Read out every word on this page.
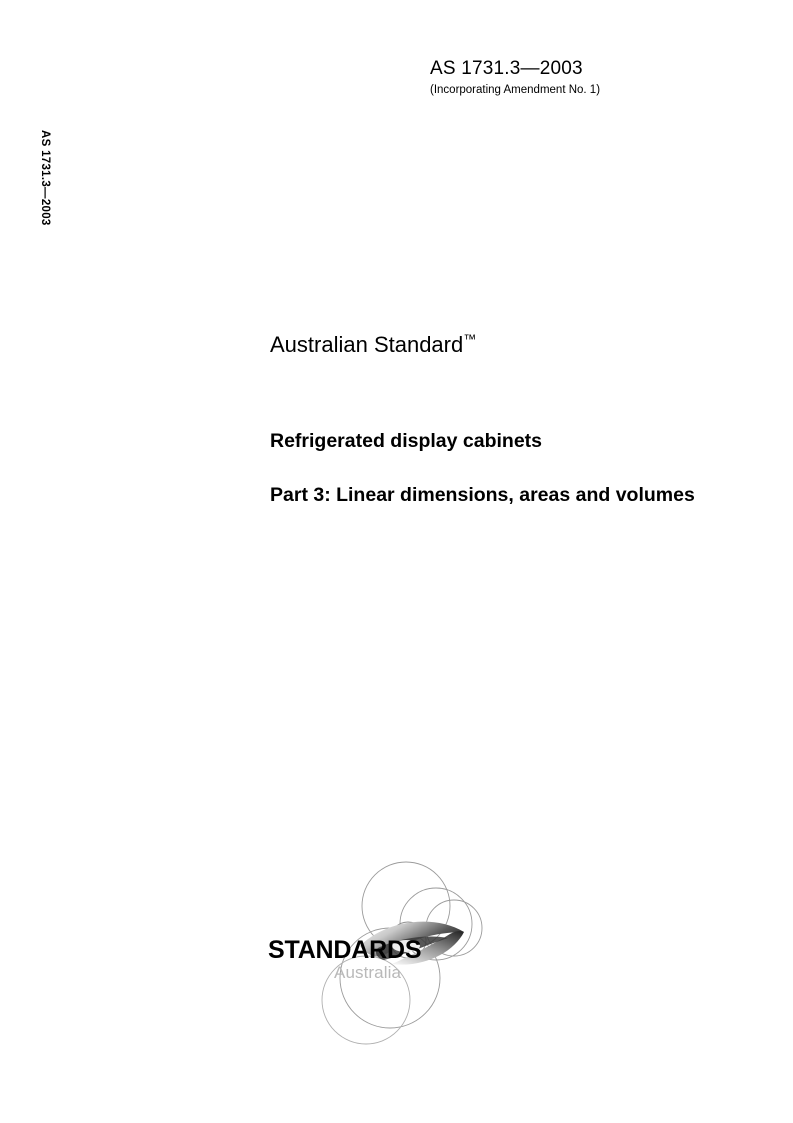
AS 1731.3—2003

(Incorporating Amendment No. 1)

AS 1731.3—2003

Australian Standard™

Refrigerated display cabinets
Part 3: Linear dimensions, areas and volumes
STANDARDS
Australia
